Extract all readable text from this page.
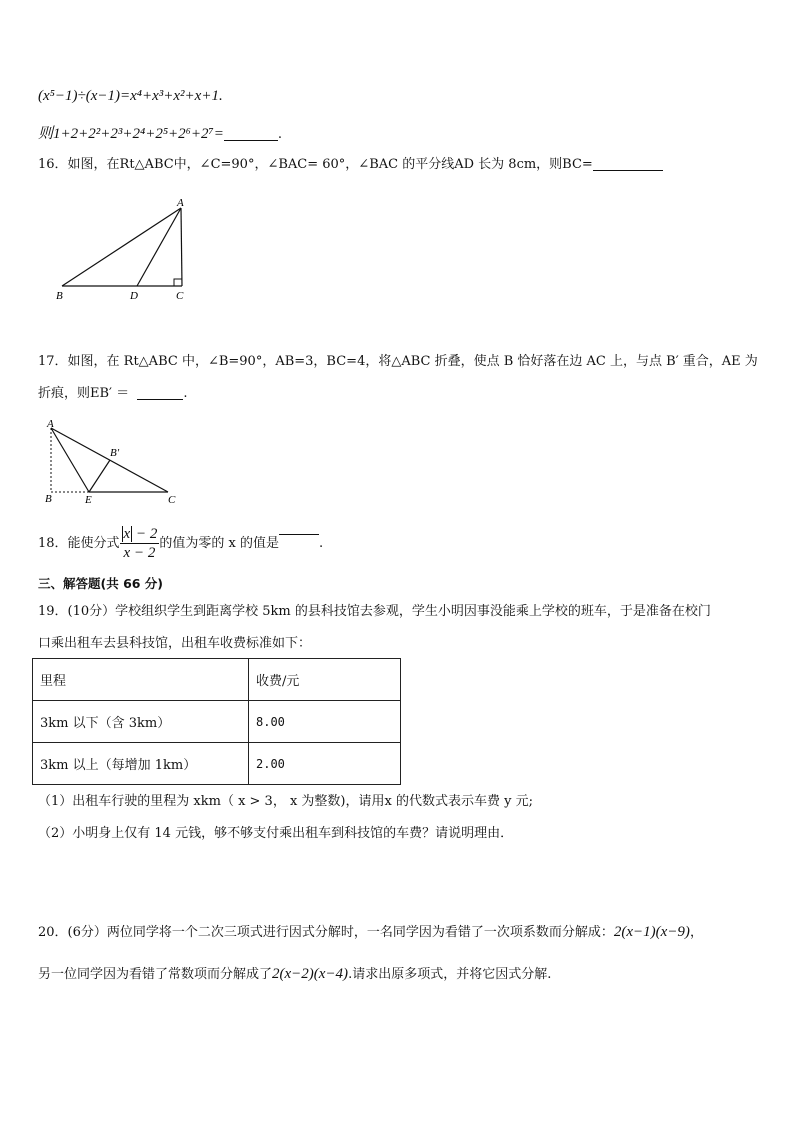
(x⁵−1)÷(x−1)=x⁴+x³+x²+x+1.
则1+2+2²+2³+2⁴+2⁵+2⁶+2⁷=	.
16．如图，在Rt△ABC中，∠C=90°，∠BAC= 60°，∠BAC 的平分线AD 长为 8cm，则BC=
A
B	D	C
17．如图，在 Rt△ABC 中，∠B=90°，AB=3，BC=4，将△ABC 折叠，使点 B 恰好落在边 AC 上，与点 B′ 重合，AE 为
折痕，则EB′ ＝	.
A
B
B′
E	C
18．能使分式 $\frac{x - 2}{x - 2}$ 的值为零的 x 的值是	.
三、解答题(共 66 分)
19．(10分）学校组织学生到距离学校 5km 的县科技馆去参观，学生小明因事没能乘上学校的班车，于是准备在校门
口乘出租车去县科技馆，出租车收费标准如下：
里程	收费/元
3km 以下（含 3km）	8.00
3km 以上（每增加 1km）	2.00
（1）出租车行驶的里程为 xkm（ x > 3， x 为整数)，请用x 的代数式表示车费 y 元;
（2）小明身上仅有 14 元钱，够不够支付乘出租车到科技馆的车费？请说明理由．
20．(6分）两位同学将一个二次三项式进行因式分解时，一名同学因为看错了一次项系数而分解成：2(x−1)(x−9)，
另一位同学因为看错了常数项而分解成了2(x−2)(x−4).请求出原多项式，并将它因式分解.
